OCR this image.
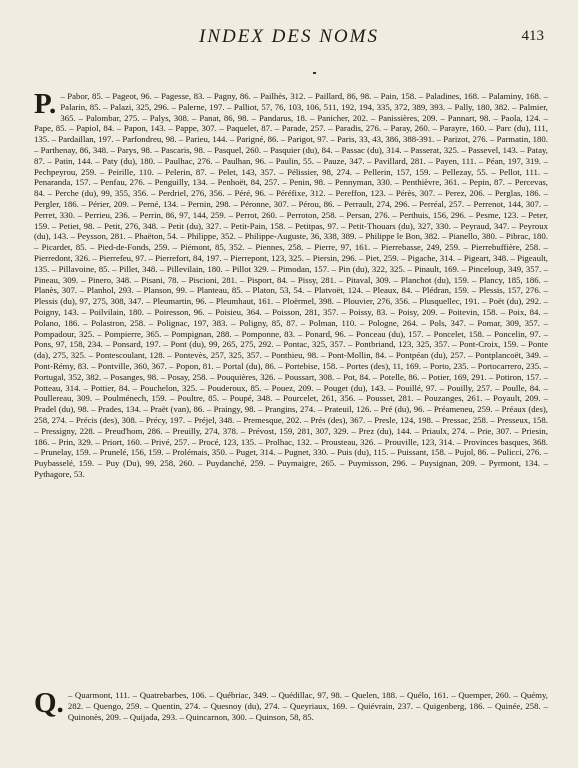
INDEX DES NOMS	413
P. – Pabor, 85. – Pageot, 96. – Pagesse, 83. – Pagny, 86. – Pailhès, 312. – Paillard, 86, 98. – Pain, 158. – Paladines, 168. – Palaminy, 168. – Palarin, 85. – Palazi, 325, 296. – Palerne, 197. – Palliot, 57, 76, 103, 106, 511, 192, 194, 335, 372, 389, 393. – Pally, 180, 382. – Palmier, 365. – Palombar, 275. – Palys, 308. – Panat, 86, 98. – Pandarus, 18. – Panicher, 202. – Panissières, 209. – Pannart, 98. – Paola, 124. – Pape, 85. – Papiol, 84. – Papon, 143. – Pappe, 307. – Paquelet, 87. – Parade, 257. – Paradis, 276. – Paray, 260. – Parayre, 160. – Parc (du), 111, 135. – Pardaillan, 197. – Parfondreu, 98. – Parieu, 144. – Parigné, 86. – Parigot, 97. – Paris, 33, 43, 386, 388-391. – Parizot, 276. – Parmatin, 180. – Parthenay, 86, 348. – Parys, 98. – Pascaris, 98. – Pasquel, 260. – Pasquier (du), 84. – Passac (du), 314. – Passerat, 325. – Passevel, 143. – Patay, 87. – Patin, 144. – Paty (du), 180. – Paulhac, 276. – Paulhan, 96. – Paulin, 55. – Pauze, 347. – Pavillard, 281. – Payen, 111. – Péan, 197, 319. – Pechpeyrou, 259. – Peirille, 110. – Pelerin, 87. – Pelet, 143, 357. – Pélissier, 98, 274. – Pellerin, 157, 159. – Pellezay, 55. – Pellot, 111. – Penaranda, 157. – Penfau, 276. – Penguilly, 134. – Penhoët, 84, 257. – Penin, 98. – Pennyman, 330. – Penthièvre, 361. – Pepin, 87. – Percevas, 84. – Perche (du), 99, 355, 356. – Perdriel, 276, 356. – Péré, 96. – Péréfixe, 312. – Pereffon, 123. – Pérès, 307. – Perez, 206. – Perglas, 186. – Pergler, 186. – Périer, 209. – Perné, 134. – Pernin, 298. – Péronne, 307. – Pérou, 86. – Perrault, 274, 296. – Perréal, 257. – Perrenot, 144, 307. – Perret, 330. – Perrieu, 236. – Perrin, 86, 97, 144, 259. – Perrot, 260. – Perroton, 258. – Persan, 276. – Perthuis, 156, 296. – Pesme, 123. – Peter, 159. – Petiet, 98. – Petit, 276, 348. – Petit (du), 327. – Petit-Pain, 158. – Petitpas, 97. – Petit-Thouars (du), 327, 330. – Peyraud, 347. – Peyroux (du), 143. – Peysson, 281. – Phaëton, 54. – Philippe, 352. – Philippe-Auguste, 36, 338, 389. – Philippe le Bon, 382. – Pianello, 380. – Pibrac, 180. – Picardet, 85. – Pied-de-Fonds, 259. – Piémont, 85, 352. – Piennes, 258. – Pierre, 97, 161. – Pierrebasse, 249, 259. – Pierrebuffière, 258. – Pierredont, 326. – Pierrefeu, 97. – Pierrefort, 84, 197. – Pierrepont, 123, 325. – Piersin, 296. – Piet, 259. – Pigache, 314. – Pigeart, 348. – Pigeault, 135. – Pillavoine, 85. – Pillet, 348. – Pillevilain, 180. – Pillot 329. – Pimodan, 157. – Pin (du), 322, 325. – Pinault, 169. – Pinceloup, 349, 357. – Pineau, 309. – Pinero, 348. – Pisani, 78. – Piscioni, 281. – Pisport, 84. – Pissy, 281. – Pitaval, 309. – Planchot (du), 159. – Plancy, 185, 186. – Planès, 307. – Planhol, 293. – Planson, 99. – Planteau, 85. – Platon, 53, 54. – Platvoët, 124. – Pleaux, 84. – Plédran, 159. – Plessis, 157, 276. – Plessis (du), 97, 275, 308, 347. – Pleumartin, 96. – Pleumhaut, 161. – Ploërmel, 398. – Plouvier, 276, 356. – Plusquellec, 191. – Poët (du), 292. – Poigny, 143. – Poilvilain, 180. – Poiresson, 96. – Poisieu, 364. – Poisson, 281, 357. – Poissy, 83. – Poisy, 209. – Poitevin, 158. – Poix, 84. – Polano, 186. – Polastron, 258. – Polignac, 197, 383. – Poligny, 85, 87. – Polman, 110. – Pologne, 264. – Pols, 347. – Pomar, 309, 357. – Pompadour, 325. – Pompierre, 365. – Pompignan, 288. – Pomponne, 83. – Ponard, 96. – Ponceau (du), 157. – Poncelet, 158. – Poncelin, 97. – Pons, 97, 158, 234. – Ponsard, 197. – Pont (du), 99, 265, 275, 292. – Pontac, 325, 357. – Pontbriand, 123, 325, 357. – Pont-Croix, 159. – Ponte (da), 275, 325. – Pontescoulant, 128. – Pontevès, 257, 325, 357. – Ponthieu, 98. – Pont-Mollin, 84. – Pontpéan (du), 257. – Pontplancoët, 349. – Pont-Rémy, 83. – Pontville, 360, 367. – Popon, 81. – Portal (du), 86. – Portebise, 158. – Portes (des), 11, 169. – Porto, 235. – Portocarrero, 235. – Portugal, 352, 382. – Posanges, 98. – Posay, 258. – Pouquières, 326. – Poussart, 308. – Pot, 84. – Potelle, 86. – Potier, 169, 291. – Potiron, 157. – Potteau, 314. – Pottier, 84. – Pouchelon, 325. – Pouderoux, 85. – Pouez, 209. – Pouget (du), 143. – Pouillé, 97. – Pouilly, 257. – Poulle, 84. – Poullereau, 309. – Poulménech, 159. – Poultre, 85. – Poupé, 348. – Pourcelet, 261, 356. – Pousset, 281. – Pouzanges, 261. – Poyault, 209. – Pradel (du), 98. – Prades, 134. – Praët (van), 86. – Praingy, 98. – Prangins, 274. – Prateuil, 126. – Pré (du), 96. – Préameneu, 259. – Préaux (des), 258, 274. – Précis (des), 308. – Précy, 197. – Préjel, 348. – Premesque, 202. – Prés (des), 367. – Presle, 124, 198. – Pressac, 258. – Presseux, 158. – Pressigny, 228. – Preud'hom, 286. – Preuilly, 274, 378. – Prévost, 159, 281, 307, 329. – Prez (du), 144. – Priaulx, 274. – Prie, 307. – Priesin, 186. – Prin, 329. – Priort, 160. – Privé, 257. – Procé, 123, 135. – Prolhac, 132. – Prousteau, 326. – Prouville, 123, 314. – Provinces basques, 368. – Prunelay, 159. – Prunelé, 156, 159. – Prolémais, 350. – Puget, 314. – Pugnet, 330. – Puis (du), 115. – Puissant, 158. – Pujol, 86. – Pulicci, 276. – Puybasselé, 159. – Puy (Du), 99, 258, 260. – Puydanché, 259. – Puymaigre, 265. – Puymisson, 296. – Puysignan, 209. – Pyrmont, 134. – Pythagore, 53.
Q. – Quarmont, 111. – Quatrebarbes, 106. – Québriac, 349. – Quédillac, 97, 98. – Quelen, 188. – Quélo, 161. – Quemper, 260. – Quémy, 282. – Quengo, 259. – Quentin, 274. – Quesnoy (du), 274. – Queyriaux, 169. – Quiévrain, 237. – Quigenberg, 186. – Quinée, 258. – Quinonès, 209. – Quijada, 293. – Quincarnon, 300. – Quinson, 58, 85.
